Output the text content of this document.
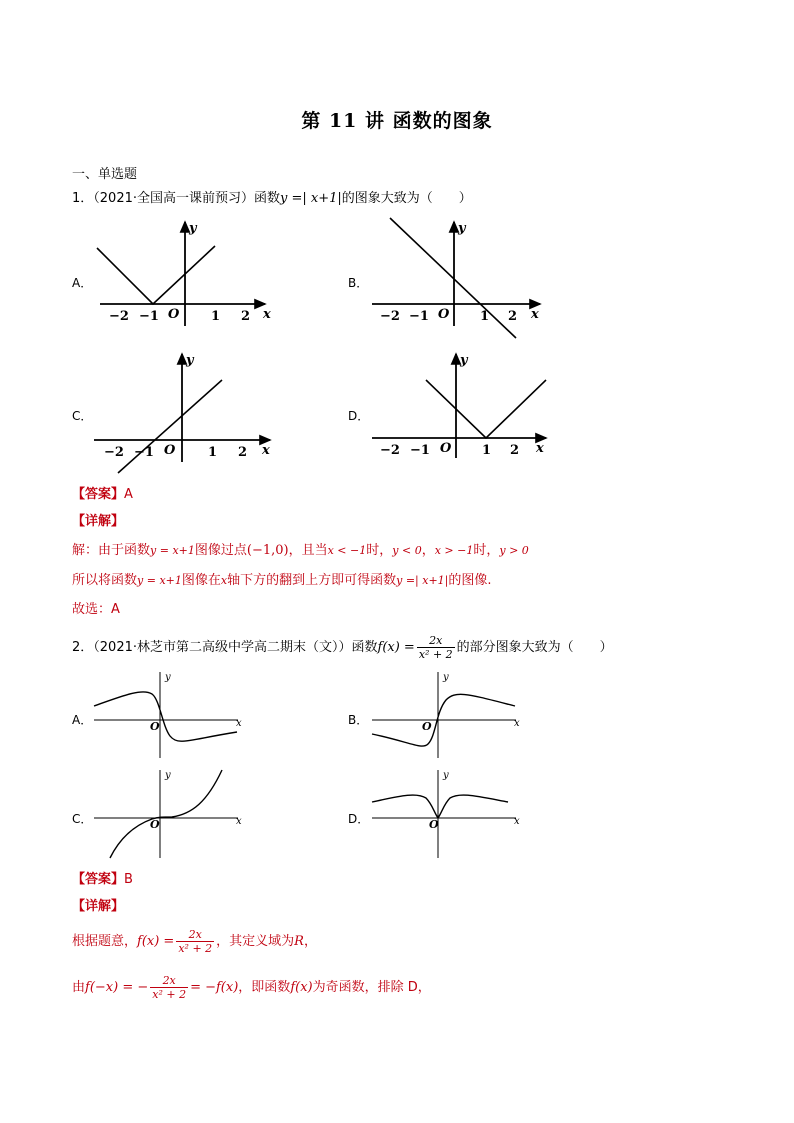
第 11 讲 函数的图象
一、单选题
1．（2021·全国高一课前预习）函数y =| x+1|的图象大致为（　　）
A．	B．
C．	D．
y
x
O
−2 −1	1 2
y
x
O
−2 −1	1 2
y
x
O
−2 −1	1 2
y
x
O
−2 −1	1 2
【答案】A
【详解】
解：由于函数y = x+1图像过点(−1,0)，且当x < −1时，y < 0，x > −1时，y > 0
所以将函数y = x+1图像在x轴下方的翻到上方即可得函数y =| x+1|的图像.
故选：A
2．（2021·林芝市第二高级中学高二期末（文））函数$f(x) = \frac{2x}{\text{x² + 2}}$ 的部分图象大致为（　　）
A．	B．
C．	D．
y
x
O
y
x
O
y
x
O
y
x
O
【答案】B
【详解】
根据题意，$f(x) = \frac{2x}{\text{x² + 2}}$ ，其定义域为R，
由f(−x) = − $\frac{2x}{\text{x² + 2}} = -f(x)$，即函数f(x)为奇函数，排除 D，
